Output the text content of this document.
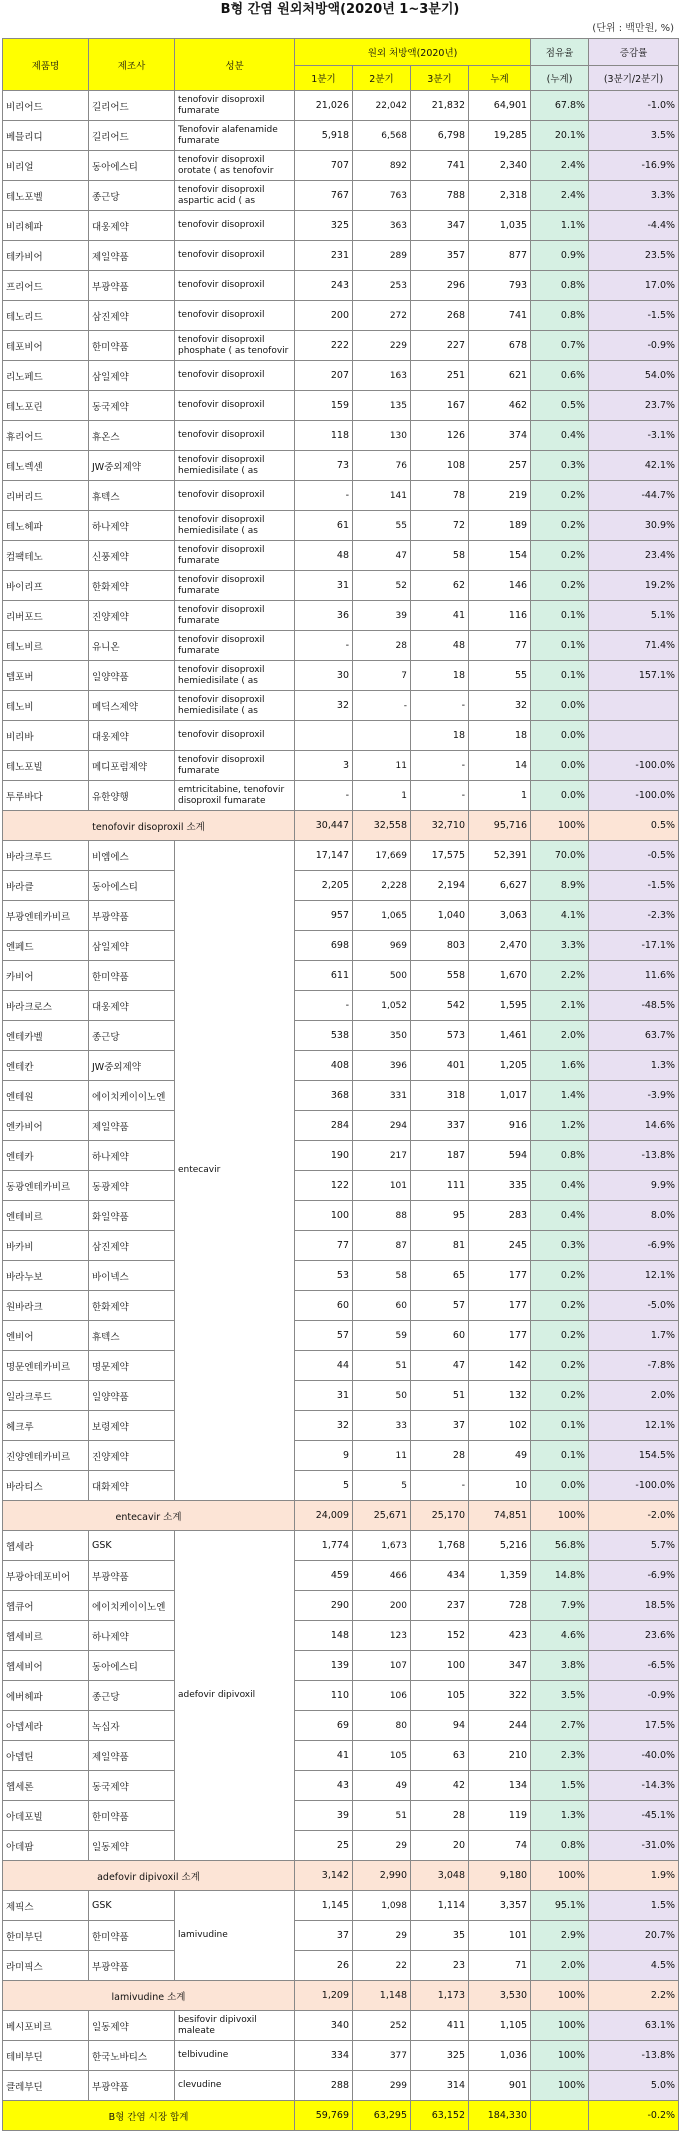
B형 간염 원외처방액(2020년 1~3분기)
(단위 : 백만원, %)
제품명	제조사	성분	원외 처방액(2020년)				점유율	증감률
			1분기	2분기	3분기	누계	(누계)	(3분기/2분기)
비리어드	길리어드	tenofovir disoproxil fumarate	21,026	22,042	21,832	64,901	67.8%	-1.0%
베믈리디	길리어드	Tenofovir alafenamide fumarate	5,918	6,568	6,798	19,285	20.1%	3.5%
비리얼	동아에스티	tenofovir disoproxil orotate ( as tenofovir	707	892	741	2,340	2.4%	-16.9%
테노포벨	종근당	tenofovir disoproxil aspartic acid ( as	767	763	788	2,318	2.4%	3.3%
비리헤파	대웅제약	tenofovir disoproxil	325	363	347	1,035	1.1%	-4.4%
테카비어	제일약품	tenofovir disoproxil	231	289	357	877	0.9%	23.5%
프리어드	부광약품	tenofovir disoproxil	243	253	296	793	0.8%	17.0%
테노리드	삼진제약	tenofovir disoproxil	200	272	268	741	0.8%	-1.5%
테포비어	한미약품	tenofovir disoproxil phosphate ( as tenofovir	222	229	227	678	0.7%	-0.9%
리노페드	삼일제약	tenofovir disoproxil	207	163	251	621	0.6%	54.0%
테노포린	동국제약	tenofovir disoproxil	159	135	167	462	0.5%	23.7%
휴리어드	휴온스	tenofovir disoproxil	118	130	126	374	0.4%	-3.1%
테노렉센	JW중외제약	tenofovir disoproxil hemiedisilate ( as	73	76	108	257	0.3%	42.1%
리버리드	휴텍스	tenofovir disoproxil	-	141	78	219	0.2%	-44.7%
테노헤파	하나제약	tenofovir disoproxil hemiedisilate ( as	61	55	72	189	0.2%	30.9%
컴팩테노	신풍제약	tenofovir disoproxil fumarate	48	47	58	154	0.2%	23.4%
바이리프	한화제약	tenofovir disoproxil fumarate	31	52	62	146	0.2%	19.2%
리버포드	진양제약	tenofovir disoproxil fumarate	36	39	41	116	0.1%	5.1%
테노비르	유니온	tenofovir disoproxil fumarate	-	28	48	77	0.1%	71.4%
템포버	일양약품	tenofovir disoproxil hemiedisilate ( as	30	7	18	55	0.1%	157.1%
테노비	메딕스제약	tenofovir disoproxil hemiedisilate ( as	32	-	-	32	0.0%	
비리바	대웅제약	tenofovir disoproxil			18	18	0.0%	
테노포빌	메디포럼제약	tenofovir disoproxil fumarate	3	11	-	14	0.0%	-100.0%
투루바다	유한양행	emtricitabine, tenofovir disoproxil fumarate	-	1	-	1	0.0%	-100.0%
tenofovir disoproxil 소계			30,447	32,558	32,710	95,716	100%	0.5%
바라크루드	비엠에스	entecavir	17,147	17,669	17,575	52,391	70.0%	-0.5%
바라클	동아에스티		2,205	2,228	2,194	6,627	8.9%	-1.5%
부광엔테카비르	부광약품		957	1,065	1,040	3,063	4.1%	-2.3%
엔페드	삼일제약		698	969	803	2,470	3.3%	-17.1%
카비어	한미약품		611	500	558	1,670	2.2%	11.6%
바라크로스	대웅제약		-	1,052	542	1,595	2.1%	-48.5%
엔테카벨	종근당		538	350	573	1,461	2.0%	63.7%
엔테칸	JW중외제약		408	396	401	1,205	1.6%	1.3%
엔테원	에이치케이이노엔		368	331	318	1,017	1.4%	-3.9%
엔카비어	제일약품		284	294	337	916	1.2%	14.6%
엔테카	하나제약		190	217	187	594	0.8%	-13.8%
동광엔테카비르	동광제약		122	101	111	335	0.4%	9.9%
엔테비르	화일약품		100	88	95	283	0.4%	8.0%
바카비	삼진제약		77	87	81	245	0.3%	-6.9%
바라누보	바이넥스		53	58	65	177	0.2%	12.1%
원바라크	한화제약		60	60	57	177	0.2%	-5.0%
엔비어	휴텍스		57	59	60	177	0.2%	1.7%
명문엔테카비르	명문제약		44	51	47	142	0.2%	-7.8%
일라크루드	일양약품		31	50	51	132	0.2%	2.0%
헤크루	보령제약		32	33	37	102	0.1%	12.1%
진양엔테카비르	진양제약		9	11	28	49	0.1%	154.5%
바라티스	대화제약		5	5	-	10	0.0%	-100.0%
entecavir 소계			24,009	25,671	25,170	74,851	100%	-2.0%
헵세라	GSK	adefovir dipivoxil	1,774	1,673	1,768	5,216	56.8%	5.7%
부광아데포비어	부광약품		459	466	434	1,359	14.8%	-6.9%
헵큐어	에이치케이이노엔		290	200	237	728	7.9%	18.5%
헵세비르	하나제약		148	123	152	423	4.6%	23.6%
헵세비어	동아에스티		139	107	100	347	3.8%	-6.5%
에버헤파	종근당		110	106	105	322	3.5%	-0.9%
아뎁세라	녹십자		69	80	94	244	2.7%	17.5%
아뎁틴	제일약품		41	105	63	210	2.3%	-40.0%
헵세론	동국제약		43	49	42	134	1.5%	-14.3%
아데포빌	한미약품		39	51	28	119	1.3%	-45.1%
아데팜	일동제약		25	29	20	74	0.8%	-31.0%
adefovir dipivoxil 소계			3,142	2,990	3,048	9,180	100%	1.9%
제픽스	GSK	lamivudine	1,145	1,098	1,114	3,357	95.1%	1.5%
한미부딘	한미약품		37	29	35	101	2.9%	20.7%
라미픽스	부광약품		26	22	23	71	2.0%	4.5%
lamivudine 소계			1,209	1,148	1,173	3,530	100%	2.2%
베시포비르	일동제약	besifovir dipivoxil maleate	340	252	411	1,105	100%	63.1%
테비부딘	한국노바티스	telbivudine	334	377	325	1,036	100%	-13.8%
클레부딘	부광약품	clevudine	288	299	314	901	100%	5.0%
B형 간염 시장 합계			59,769	63,295	63,152	184,330		-0.2%
